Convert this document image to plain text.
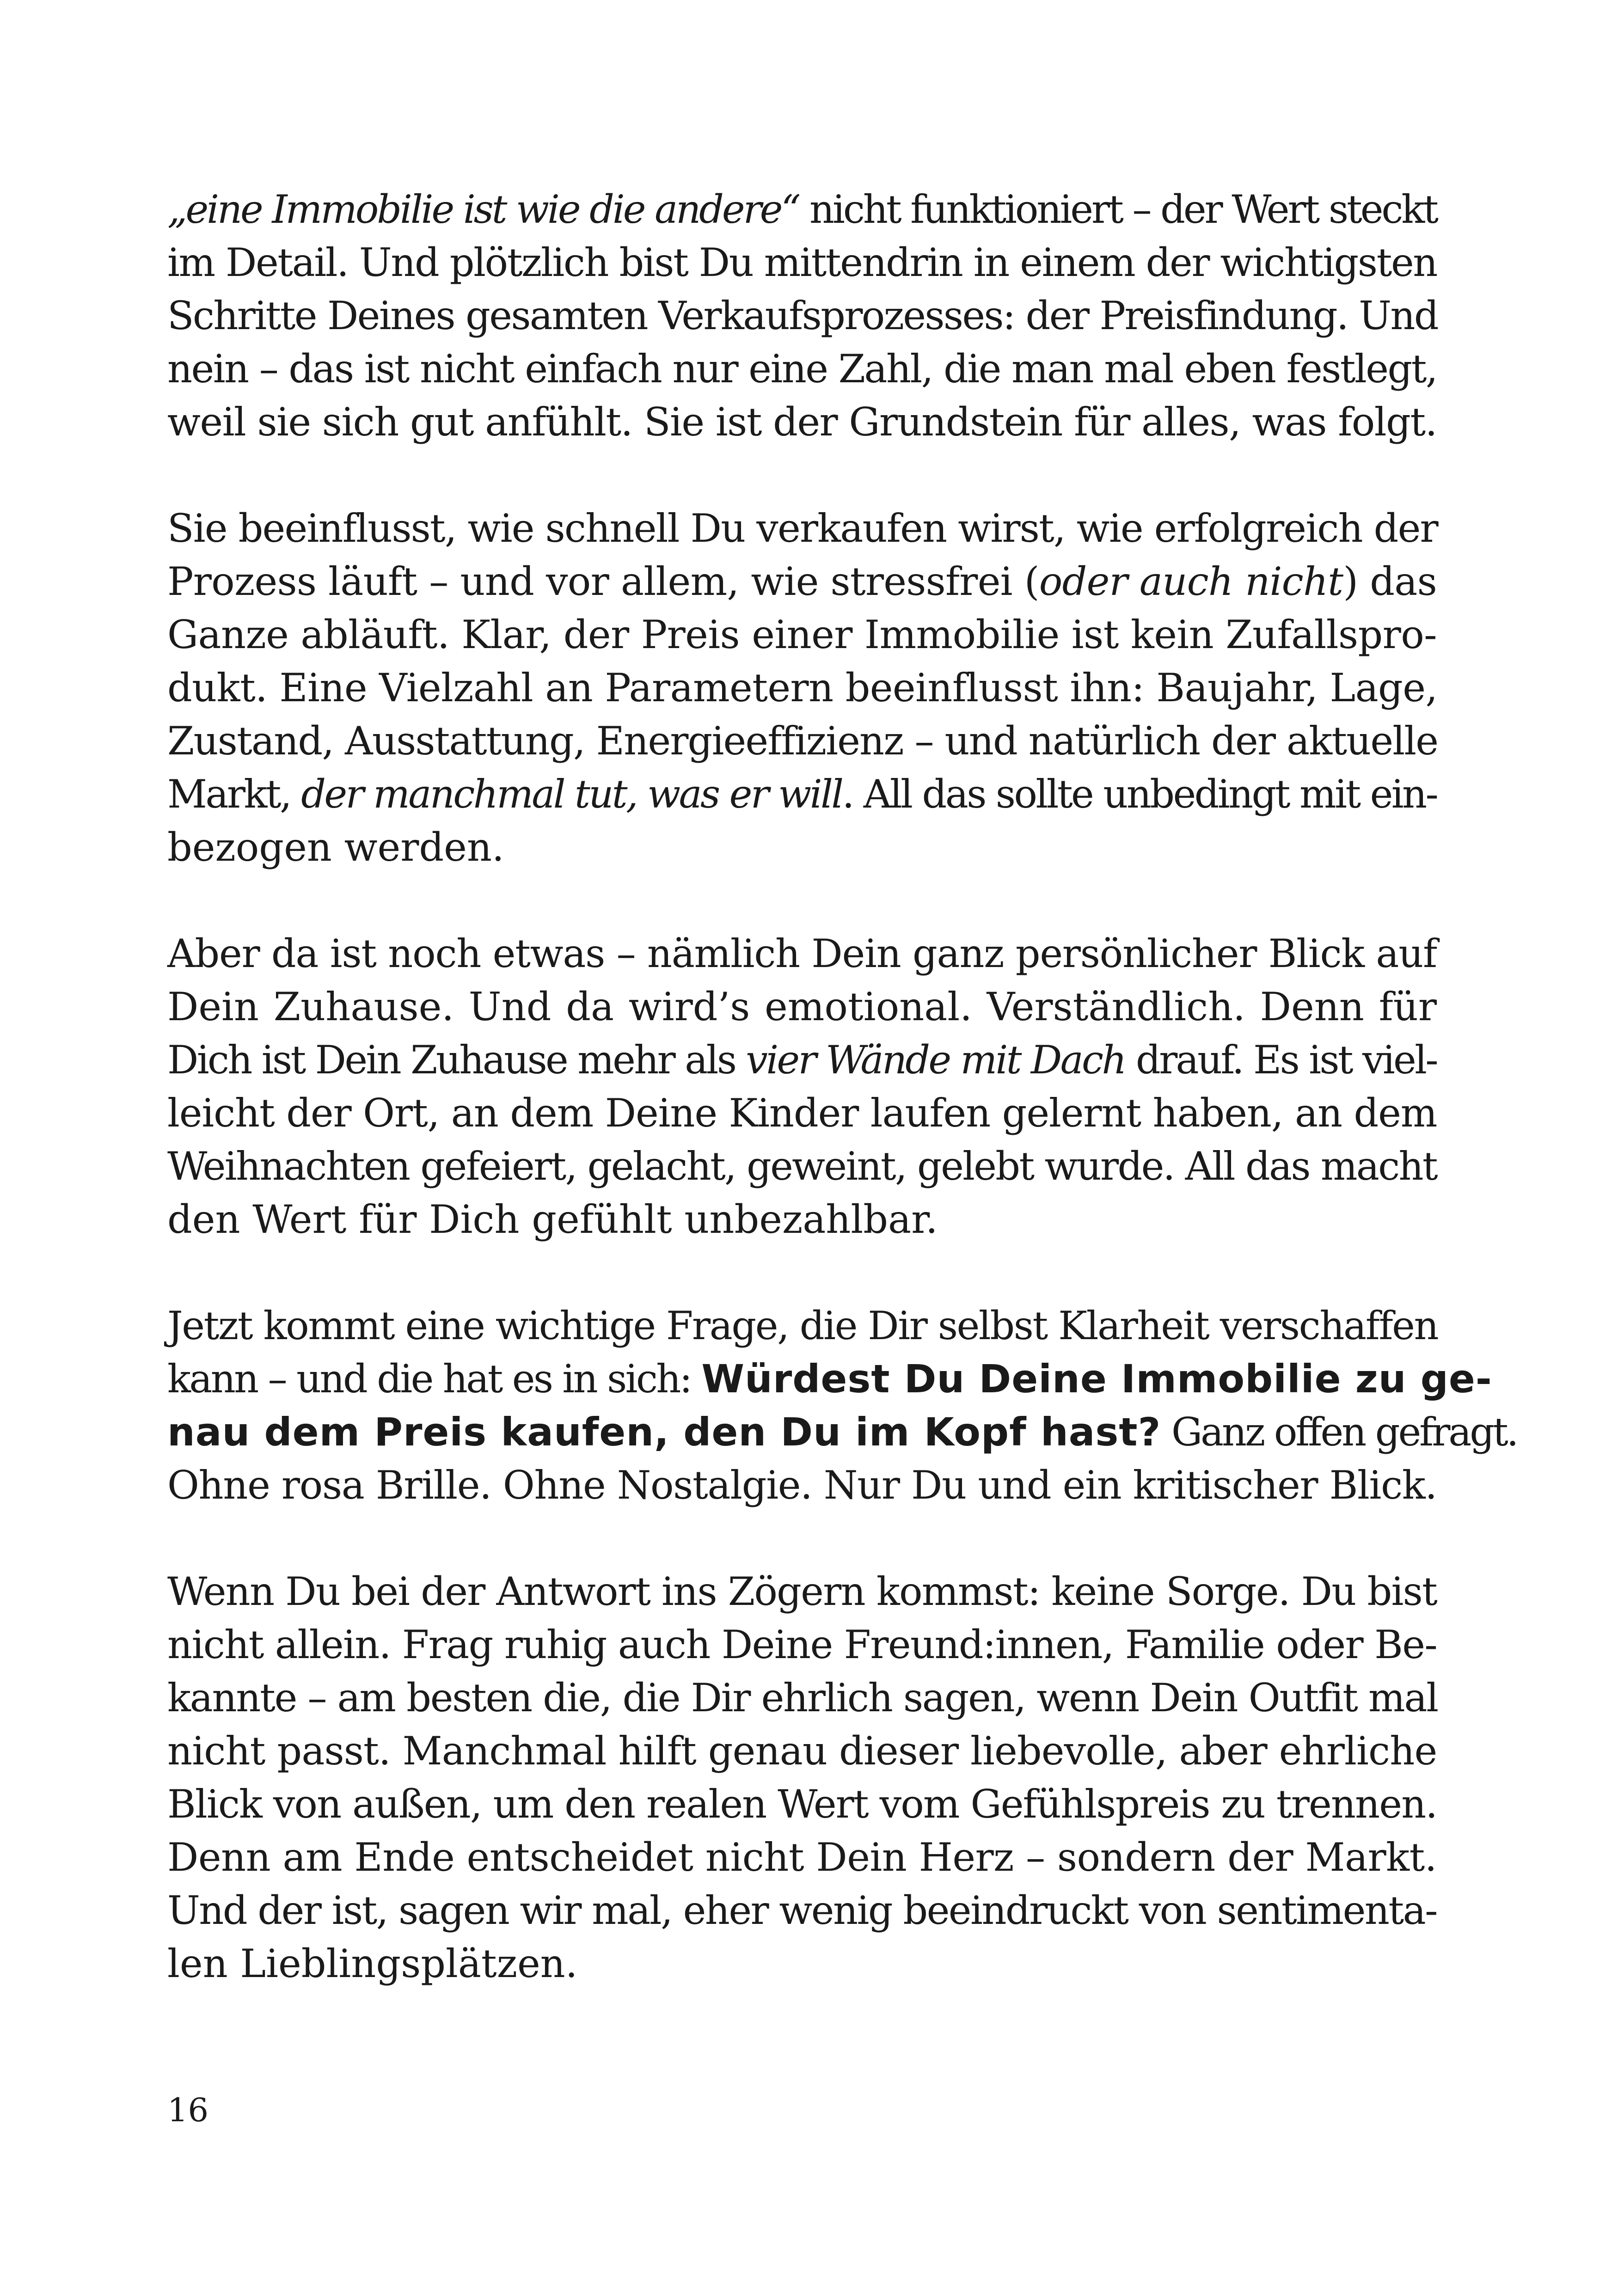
„eine Immobilie ist wie die andere“ nicht funktioniert – der Wert steckt
im Detail. Und plötzlich bist Du mittendrin in einem der wichtigsten
Schritte Deines gesamten Verkaufsprozesses: der Preisfindung. Und
nein – das ist nicht einfach nur eine Zahl, die man mal eben festlegt,
weil sie sich gut anfühlt. Sie ist der Grundstein für alles, was folgt.
Sie beeinflusst, wie schnell Du verkaufen wirst, wie erfolgreich der
Prozess läuft – und vor allem, wie stressfrei (oder auch nicht) das
Ganze abläuft. Klar, der Preis einer Immobilie ist kein Zufallspro-
dukt. Eine Vielzahl an Parametern beeinflusst ihn: Baujahr, Lage,
Zustand, Ausstattung, Energieeffizienz – und natürlich der aktuelle
Markt, der manchmal tut, was er will. All das sollte unbedingt mit ein-
bezogen werden.
Aber da ist noch etwas – nämlich Dein ganz persönlicher Blick auf
Dein Zuhause. Und da wird’s emotional. Verständlich. Denn für
Dich ist Dein Zuhause mehr als vier Wände mit Dach drauf. Es ist viel-
leicht der Ort, an dem Deine Kinder laufen gelernt haben, an dem
Weihnachten gefeiert, gelacht, geweint, gelebt wurde. All das macht
den Wert für Dich gefühlt unbezahlbar.
Jetzt kommt eine wichtige Frage, die Dir selbst Klarheit verschaffen
kann – und die hat es in sich: Würdest Du Deine Immobilie zu ge-
nau dem Preis kaufen, den Du im Kopf hast? Ganz offen gefragt.
Ohne rosa Brille. Ohne Nostalgie. Nur Du und ein kritischer Blick.
Wenn Du bei der Antwort ins Zögern kommst: keine Sorge. Du bist
nicht allein. Frag ruhig auch Deine Freund:innen, Familie oder Be-
kannte – am besten die, die Dir ehrlich sagen, wenn Dein Outfit mal
nicht passt. Manchmal hilft genau dieser liebevolle, aber ehrliche
Blick von außen, um den realen Wert vom Gefühlspreis zu trennen.
Denn am Ende entscheidet nicht Dein Herz – sondern der Markt.
Und der ist, sagen wir mal, eher wenig beeindruckt von sentimenta-
len Lieblingsplätzen.
16
